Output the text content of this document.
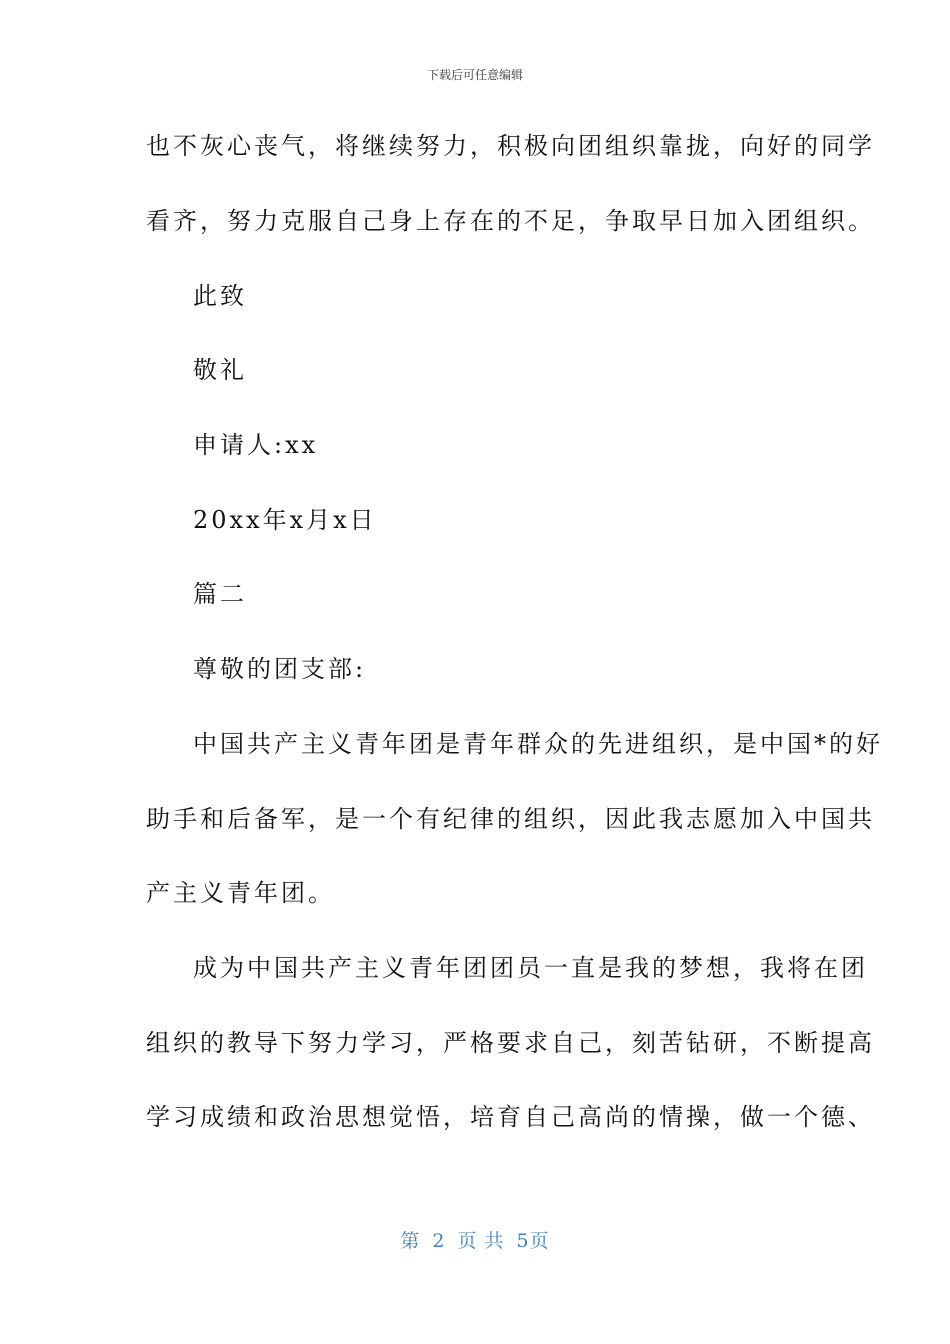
下载后可任意编辑
也不灰心丧气，将继续努力，积极向团组织靠拢，向好的同学
看齐，努力克服自己身上存在的不足，争取早日加入团组织。
此致
敬礼
申请人:xx
20xx年x月x日
篇二
尊敬的团支部:
中国共产主义青年团是青年群众的先进组织，是中国*的好
助手和后备军，是一个有纪律的组织，因此我志愿加入中国共
产主义青年团。
成为中国共产主义青年团团员一直是我的梦想，我将在团
组织的教导下努力学习，严格要求自己，刻苦钻研，不断提高
学习成绩和政治思想觉悟，培育自己高尚的情操，做一个德、
第 2 页 共 5页
